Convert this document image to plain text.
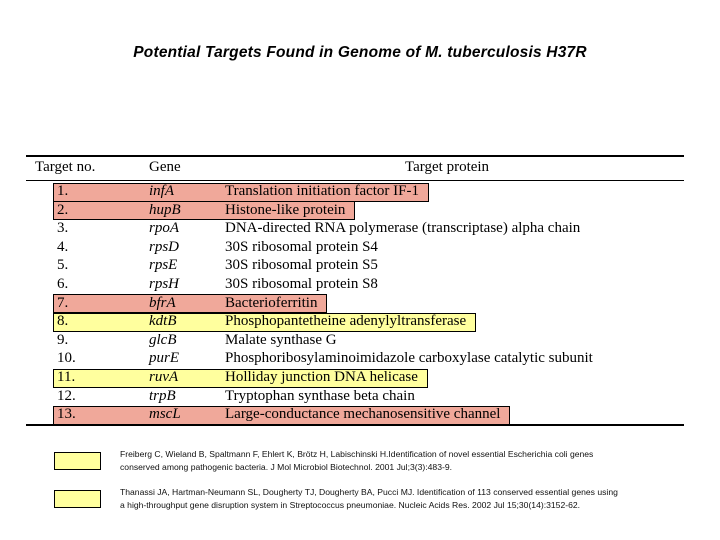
Potential Targets Found in Genome of M. tuberculosis H37R
Target no.	Gene	Target protein
1.	infA	Translation initiation factor IF-1
2.	hupB	Histone-like protein
3.	rpoA	DNA-directed RNA polymerase (transcriptase) alpha chain
4.	rpsD	30S ribosomal protein S4
5.	rpsE	30S ribosomal protein S5
6.	rpsH	30S ribosomal protein S8
7.	bfrA	Bacterioferritin
8.	kdtB	Phosphopantetheine adenylyltransferase
9.	glcB	Malate synthase G
10.	purE	Phosphoribosylaminoimidazole carboxylase catalytic subunit
11.	ruvA	Holliday junction DNA helicase
12.	trpB	Tryptophan synthase beta chain
13.	mscL	Large-conductance mechanosensitive channel
Freiberg C, Wieland B, Spaltmann F, Ehlert K, Brötz H, Labischinski H.Identification of novel essential Escherichia coli genes
conserved among pathogenic bacteria. J Mol Microbiol Biotechnol. 2001 Jul;3(3):483-9.
Thanassi JA, Hartman-Neumann SL, Dougherty TJ, Dougherty BA, Pucci MJ. Identification of 113 conserved essential genes using
a high-throughput gene disruption system in Streptococcus pneumoniae. Nucleic Acids Res. 2002 Jul 15;30(14):3152-62.
